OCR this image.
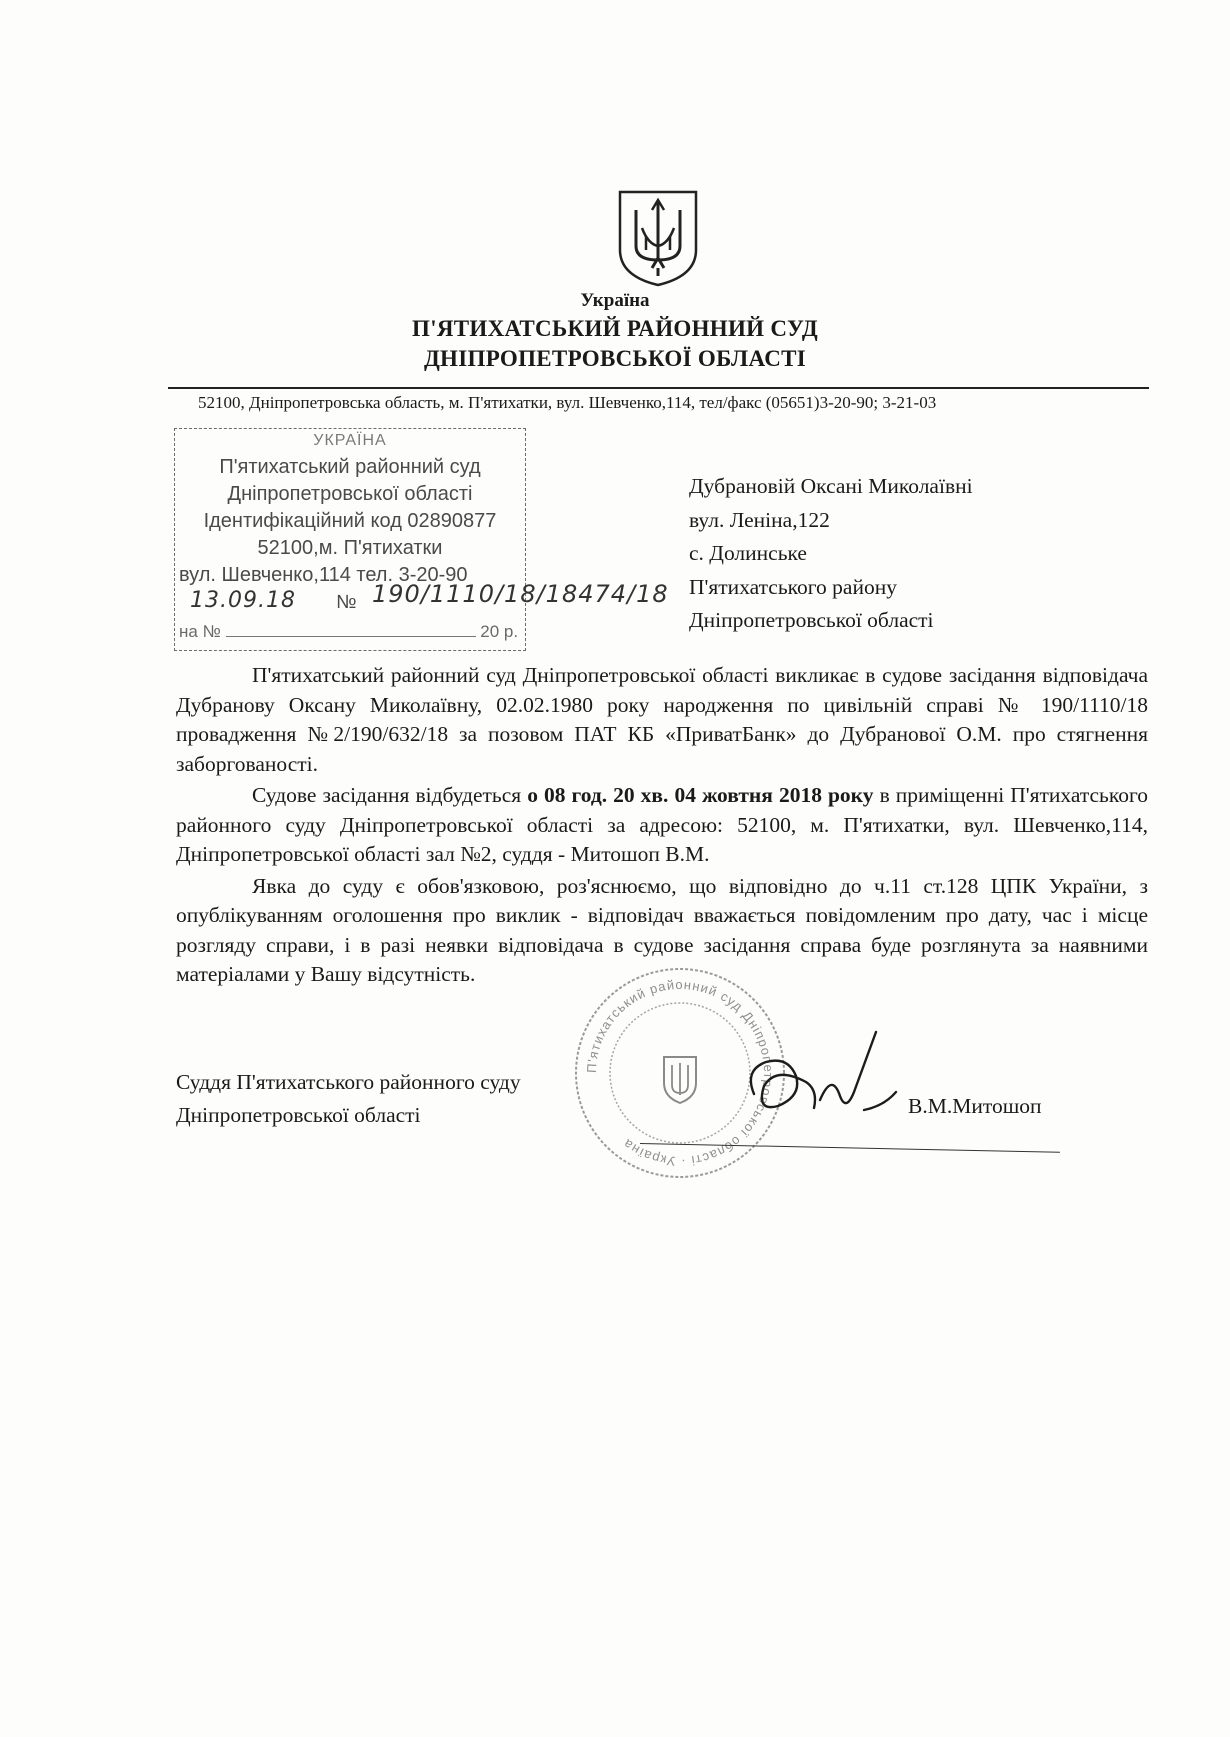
Україна
П'ЯТИХАТСЬКИЙ РАЙОННИЙ СУД
ДНІПРОПЕТРОВСЬКОЇ ОБЛАСТІ
52100, Дніпропетровська область, м. П'ятихатки, вул. Шевченко,114, тел/факс (05651)3-20-90; 3-21-03
УКРАЇНА
П'ятихатський районний суд
Дніпропетровської області
Ідентифікаційний код 02890877
52100,м. П'ятихатки
вул. Шевченко,114 тел. 3-20-90
№
на №	20 р.
13.09.18	190/1110/18/18474/18
Дубрановій Оксані Миколаївні
вул. Леніна,122
с. Долинське
П'ятихатського району
Дніпропетровської області

П'ятихатський районний суд Дніпропетровської області викликає в судове засідання відповідача Дубранову Оксану Миколаївну, 02.02.1980 року народження по цивільній справі № 190/1110/18 провадження №2/190/632/18 за позовом ПАТ КБ «ПриватБанк» до Дубранової О.М. про стягнення заборгованості.

Судове засідання відбудеться о 08 год. 20 хв. 04 жовтня 2018 року в приміщенні П'ятихатського районного суду Дніпропетровської області за адресою: 52100, м. П'ятихатки, вул. Шевченко,114, Дніпропетровської області зал №2, суддя - Митошоп В.М.

Явка до суду є обов'язковою, роз'яснюємо, що відповідно до ч.11 ст.128 ЦПК України, з опублікуванням оголошення про виклик - відповідач вважається повідомленим про дату, час і місце розгляду справи, і в разі неявки відповідача в судове засідання справа буде розглянута за наявними матеріалами у Вашу відсутність.

П'ятихатський районний суд Дніпропетровської області · Україна
Суддя П'ятихатського районного суду
Дніпропетровської області	В.М.Митошоп
